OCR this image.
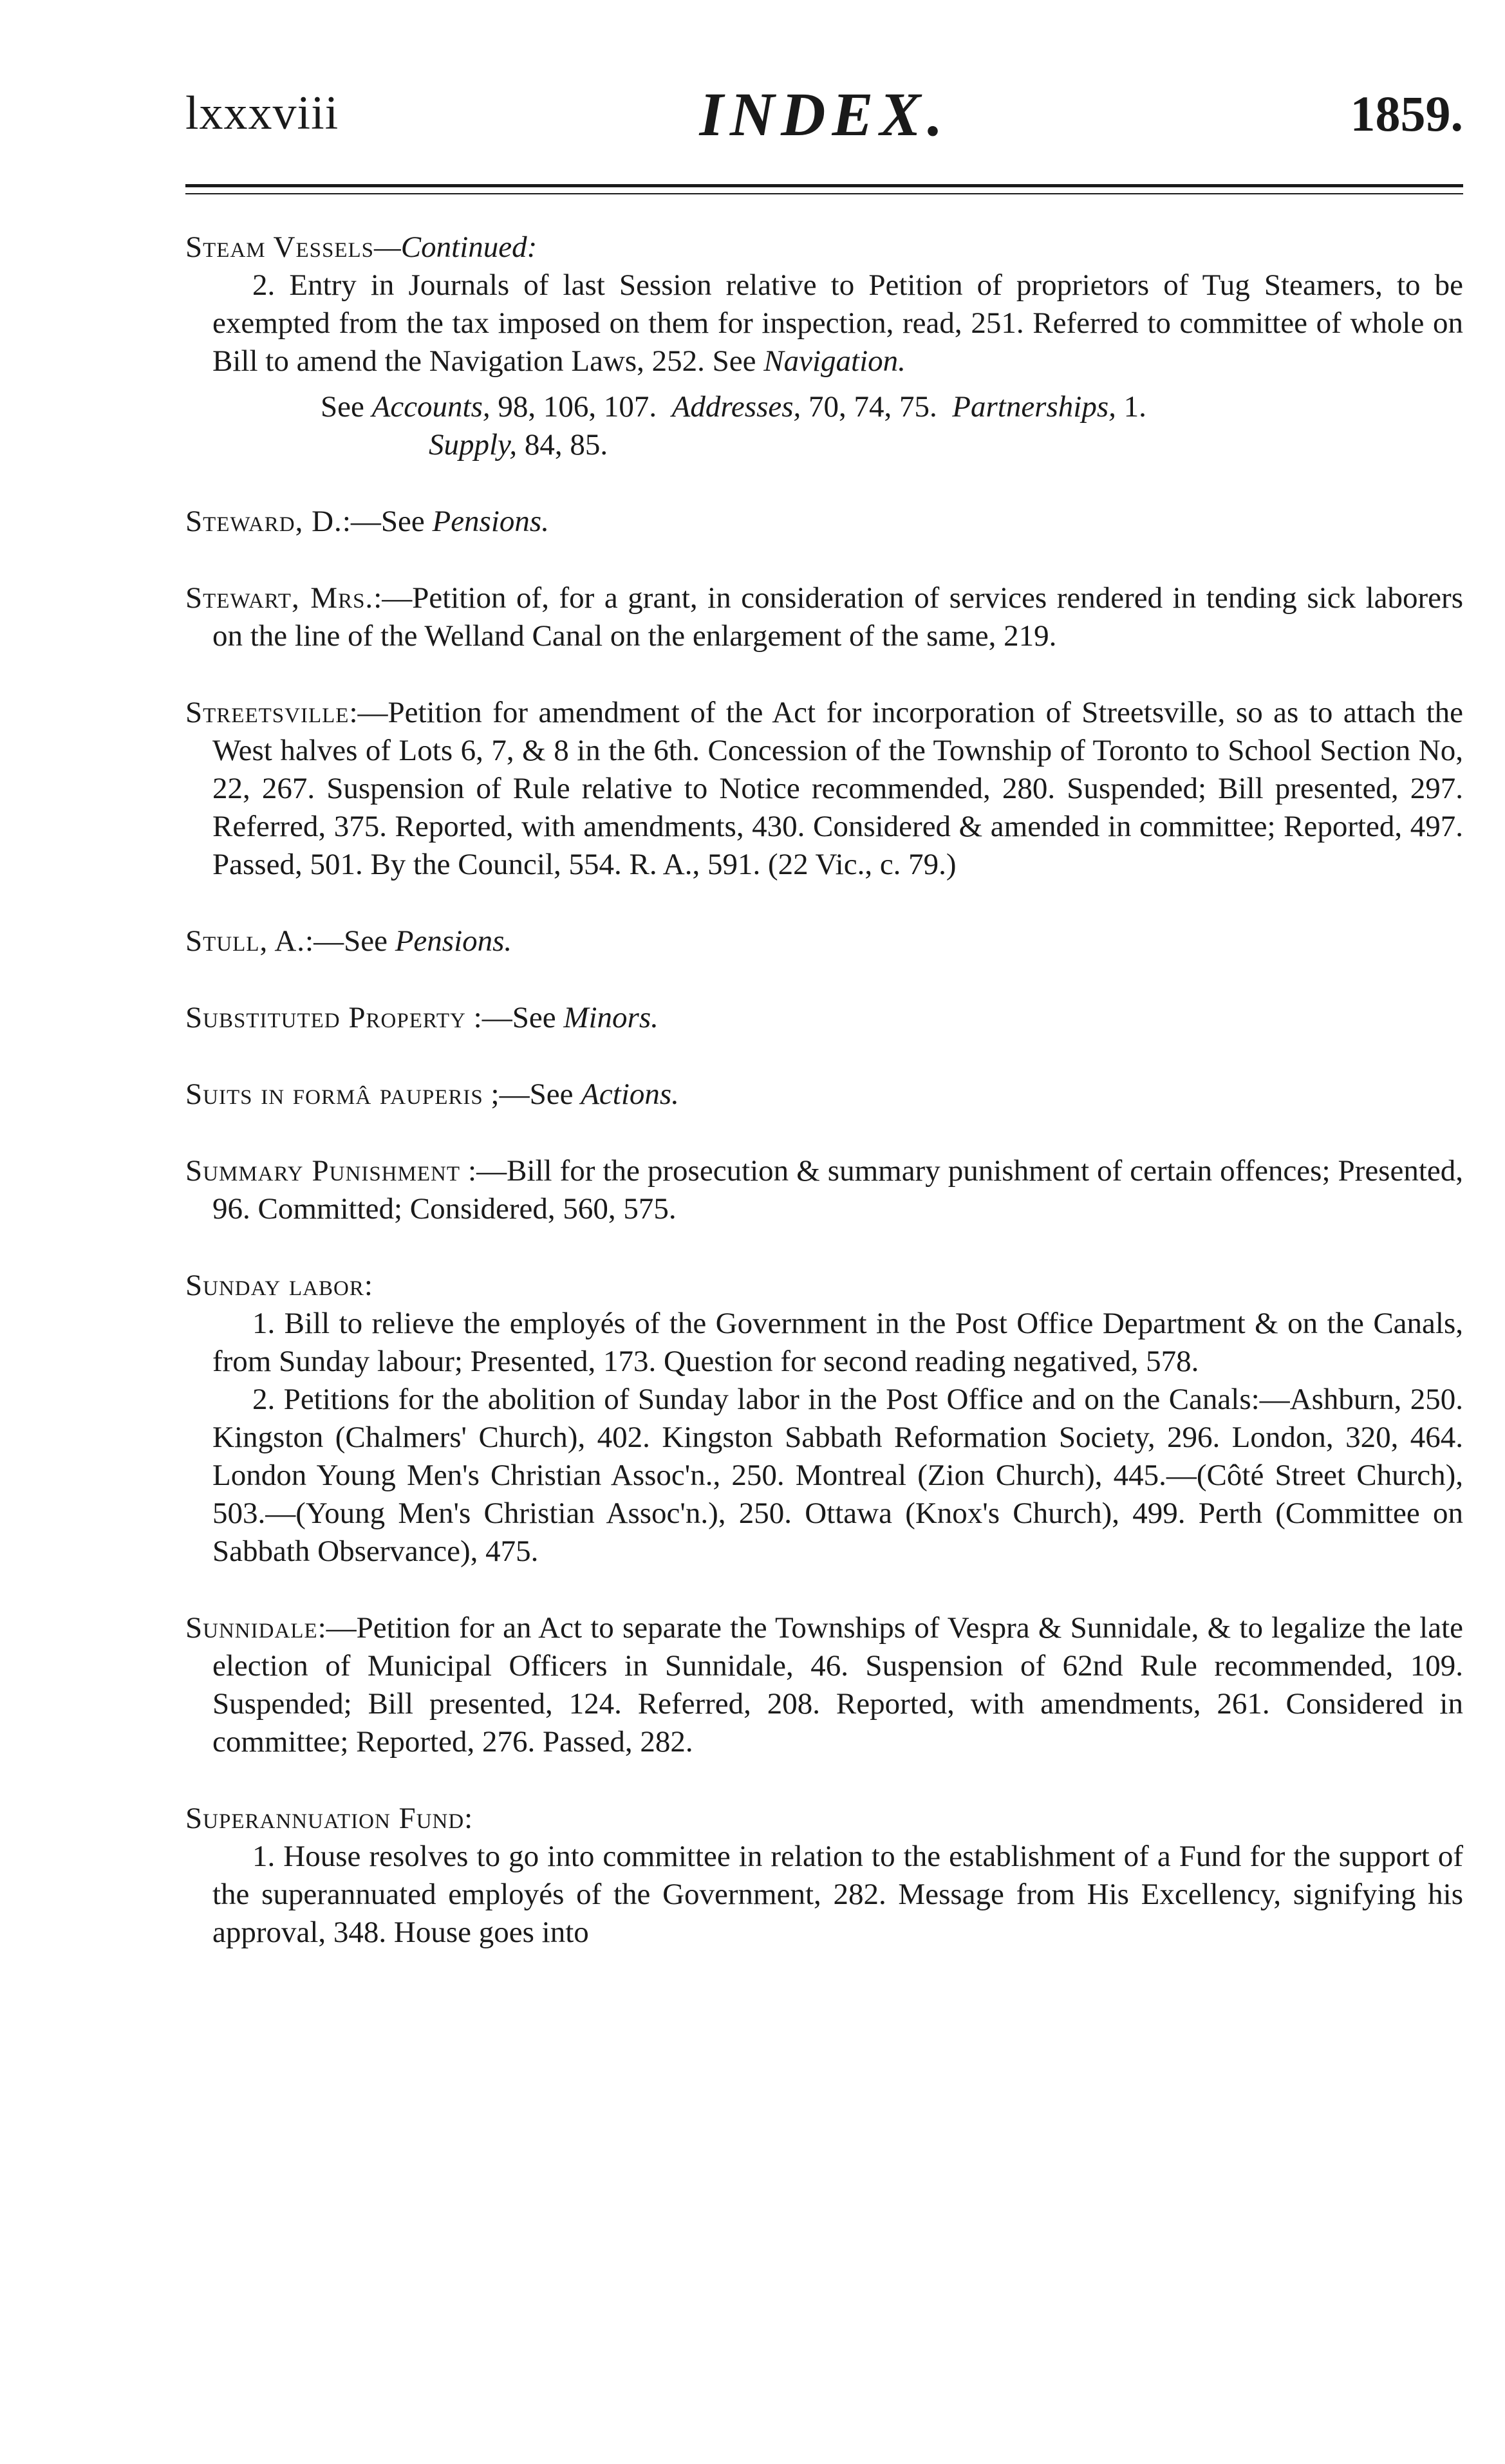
lxxxviii	INDEX.	1859.
Steam Vessels—Continued:
2. Entry in Journals of last Session relative to Petition of proprietors of Tug Steamers, to be exempted from the tax imposed on them for inspection, read, 251. Referred to committee of whole on Bill to amend the Navigation Laws, 252. See Navigation.
See Accounts, 98, 106, 107. Addresses, 70, 74, 75. Partnerships, 1.
Supply, 84, 85.

Steward, D.:—See Pensions.

Stewart, Mrs.:—Petition of, for a grant, in consideration of services rendered in tending sick laborers on the line of the Welland Canal on the enlargement of the same, 219.

Streetsville:—Petition for amendment of the Act for incorporation of Streetsville, so as to attach the West halves of Lots 6, 7, & 8 in the 6th. Concession of the Township of Toronto to School Section No, 22, 267. Suspension of Rule relative to Notice recommended, 280. Suspended; Bill presented, 297. Referred, 375. Reported, with amendments, 430. Considered & amended in committee; Reported, 497. Passed, 501. By the Council, 554. R. A., 591. (22 Vic., c. 79.)

Stull, A.:—See Pensions.

Substituted Property :—See Minors.

Suits in formâ pauperis ;—See Actions.

Summary Punishment :—Bill for the prosecution & summary punishment of certain offences; Presented, 96. Committed; Considered, 560, 575.

Sunday labor:
1. Bill to relieve the employés of the Government in the Post Office Department & on the Canals, from Sunday labour; Presented, 173. Question for second reading negatived, 578.
2. Petitions for the abolition of Sunday labor in the Post Office and on the Canals:—Ashburn, 250. Kingston (Chalmers' Church), 402. Kingston Sabbath Reformation Society, 296. London, 320, 464. London Young Men's Christian Assoc'n., 250. Montreal (Zion Church), 445.—(Côté Street Church), 503.—(Young Men's Christian Assoc'n.), 250. Ottawa (Knox's Church), 499. Perth (Committee on Sabbath Observance), 475.

Sunnidale:—Petition for an Act to separate the Townships of Vespra & Sunnidale, & to legalize the late election of Municipal Officers in Sunnidale, 46. Suspension of 62nd Rule recommended, 109. Suspended; Bill presented, 124. Referred, 208. Reported, with amendments, 261. Considered in committee; Reported, 276. Passed, 282.

Superannuation Fund:
1. House resolves to go into committee in relation to the establishment of a Fund for the support of the superannuated employés of the Government, 282. Message from His Excellency, signifying his approval, 348. House goes into
